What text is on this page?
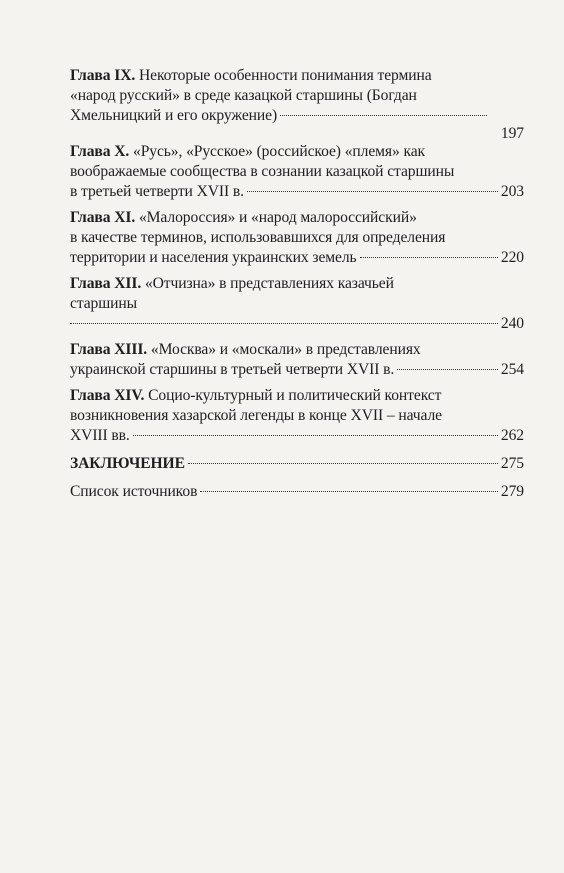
Глава IX. Некоторые особенности понимания термина
«народ русский» в среде казацкой старшины (Богдан
Хмельницкий и его окружение)
197
Глава X. «Русь», «Русское» (российское) «племя» как
воображаемые сообщества в сознании казацкой старшины
в третьей четверти XVII в.	203
Глава XI. «Малороссия» и «народ малороссийский»
в качестве терминов, использовавшихся для определения
территории и населения украинских земель	220
Глава XII. «Отчизна» в представлениях казачьей
старшины
240
Глава XIII. «Москва» и «москали» в представлениях
украинской старшины в третьей четверти XVII в.	254
Глава XIV. Социо-культурный и политический контекст
возникновения хазарской легенды в конце XVII – начале
XVIII вв.	262
ЗАКЛЮЧЕНИЕ	275
Список источников	279
